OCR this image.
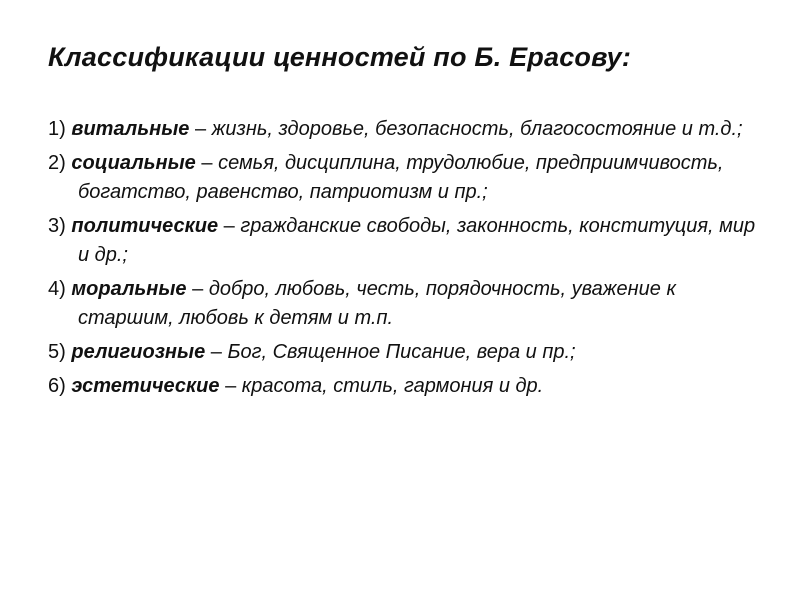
Классификации ценностей по Б. Ерасову:
1) витальные – жизнь, здоровье, безопасность, благосостояние и т.д.;
2) социальные – семья, дисциплина, трудолюбие, предприимчивость, богатство, равенство, патриотизм и пр.;
3) политические – гражданские свободы, законность, конституция, мир и др.;
4) моральные – добро, любовь, честь, порядочность, уважение к старшим, любовь к детям и т.п.
5) религиозные – Бог, Священное Писание, вера и пр.;
6) эстетические – красота, стиль, гармония и др.
